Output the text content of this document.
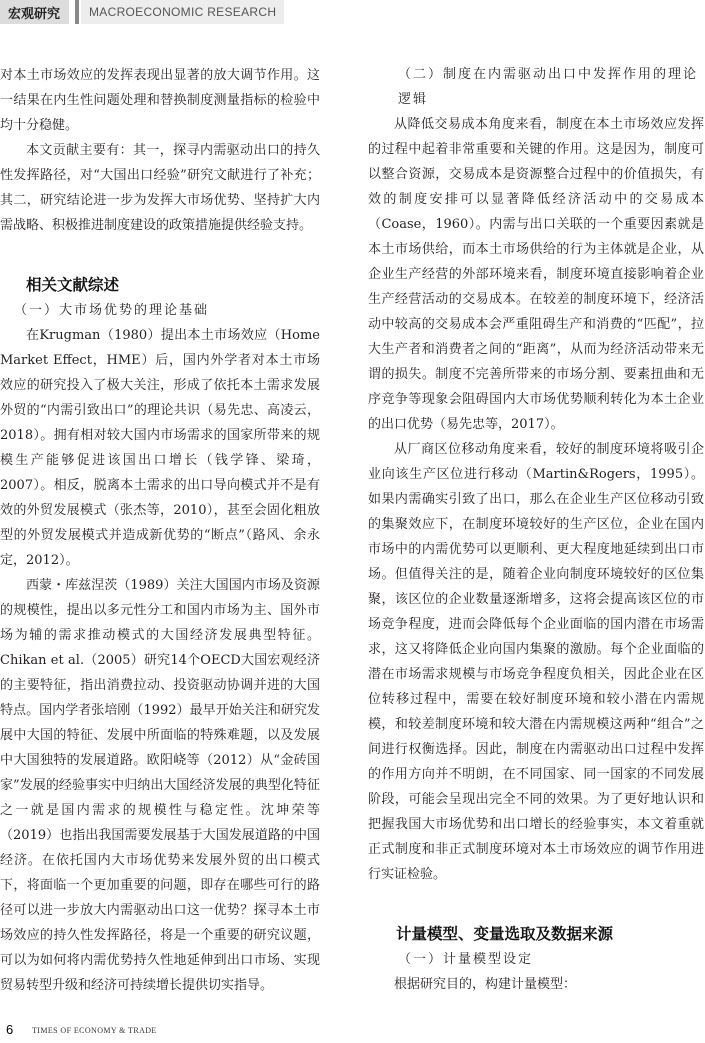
宏观研究	MACROECONOMIC RESEARCH

对本土市场效应的发挥表现出显著的放大调节作用。这一结果在内生性问题处理和替换制度测量指标的检验中均十分稳健。

本文贡献主要有：其一，探寻内需驱动出口的持久性发挥路径，对“大国出口经验”研究文献进行了补充；其二，研究结论进一步为发挥大市场优势、坚持扩大内需战略、积极推进制度建设的政策措施提供经验支持。

相关文献综述
（一）大市场优势的理论基础

在Krugman（1980）提出本土市场效应（Home Market Effect，HME）后，国内外学者对本土市场效应的研究投入了极大关注，形成了依托本土需求发展外贸的“内需引致出口”的理论共识（易先忠、高凌云，2018）。拥有相对较大国内市场需求的国家所带来的规模生产能够促进该国出口增长（钱学锋、梁琦，2007）。相反，脱离本土需求的出口导向模式并不是有效的外贸发展模式（张杰等，2010），甚至会固化粗放型的外贸发展模式并造成新优势的“断点”（路风、余永定，2012）。

西蒙・库兹涅茨（1989）关注大国国内市场及资源的规模性，提出以多元性分工和国内市场为主、国外市场为辅的需求推动模式的大国经济发展典型特征。Chikan et al.（2005）研究14个OECD大国宏观经济的主要特征，指出消费拉动、投资驱动协调并进的大国特点。国内学者张培刚（1992）最早开始关注和研究发展中大国的特征、发展中所面临的特殊难题，以及发展中大国独特的发展道路。欧阳峣等（2012）从“金砖国家”发展的经验事实中归纳出大国经济发展的典型化特征之一就是国内需求的规模性与稳定性。沈坤荣等（2019）也指出我国需要发展基于大国发展道路的中国经济。在依托国内大市场优势来发展外贸的出口模式下，将面临一个更加重要的问题，即存在哪些可行的路径可以进一步放大内需驱动出口这一优势？探寻本土市场效应的持久性发挥路径，将是一个重要的研究议题，可以为如何将内需优势持久性地延伸到出口市场、实现贸易转型升级和经济可持续增长提供切实指导。

（二）制度在内需驱动出口中发挥作用的理论逻辑

从降低交易成本角度来看，制度在本土市场效应发挥的过程中起着非常重要和关键的作用。这是因为，制度可以整合资源，交易成本是资源整合过程中的价值损失，有效的制度安排可以显著降低经济活动中的交易成本（Coase，1960）。内需与出口关联的一个重要因素就是本土市场供给，而本土市场供给的行为主体就是企业，从企业生产经营的外部环境来看，制度环境直接影响着企业生产经营活动的交易成本。在较差的制度环境下，经济活动中较高的交易成本会严重阻碍生产和消费的“匹配”，拉大生产者和消费者之间的“距离”，从而为经济活动带来无谓的损失。制度不完善所带来的市场分割、要素扭曲和无序竞争等现象会阻碍国内大市场优势顺利转化为本土企业的出口优势（易先忠等，2017）。

从厂商区位移动角度来看，较好的制度环境将吸引企业向该生产区位进行移动（Martin&Rogers，1995）。如果内需确实引致了出口，那么在企业生产区位移动引致的集聚效应下，在制度环境较好的生产区位，企业在国内市场中的内需优势可以更顺利、更大程度地延续到出口市场。但值得关注的是，随着企业向制度环境较好的区位集聚，该区位的企业数量逐渐增多，这将会提高该区位的市场竞争程度，进而会降低每个企业面临的国内潜在市场需求，这又将降低企业向国内集聚的激励。每个企业面临的潜在市场需求规模与市场竞争程度负相关，因此企业在区位转移过程中，需要在较好制度环境和较小潜在内需规模，和较差制度环境和较大潜在内需规模这两种“组合”之间进行权衡选择。因此，制度在内需驱动出口过程中发挥的作用方向并不明朗，在不同国家、同一国家的不同发展阶段，可能会呈现出完全不同的效果。为了更好地认识和把握我国大市场优势和出口增长的经验事实，本文着重就正式制度和非正式制度环境对本土市场效应的调节作用进行实证检验。

计量模型、变量选取及数据来源
（一）计量模型设定

根据研究目的，构建计量模型：

6 TIMES OF ECONOMY & TRADE
